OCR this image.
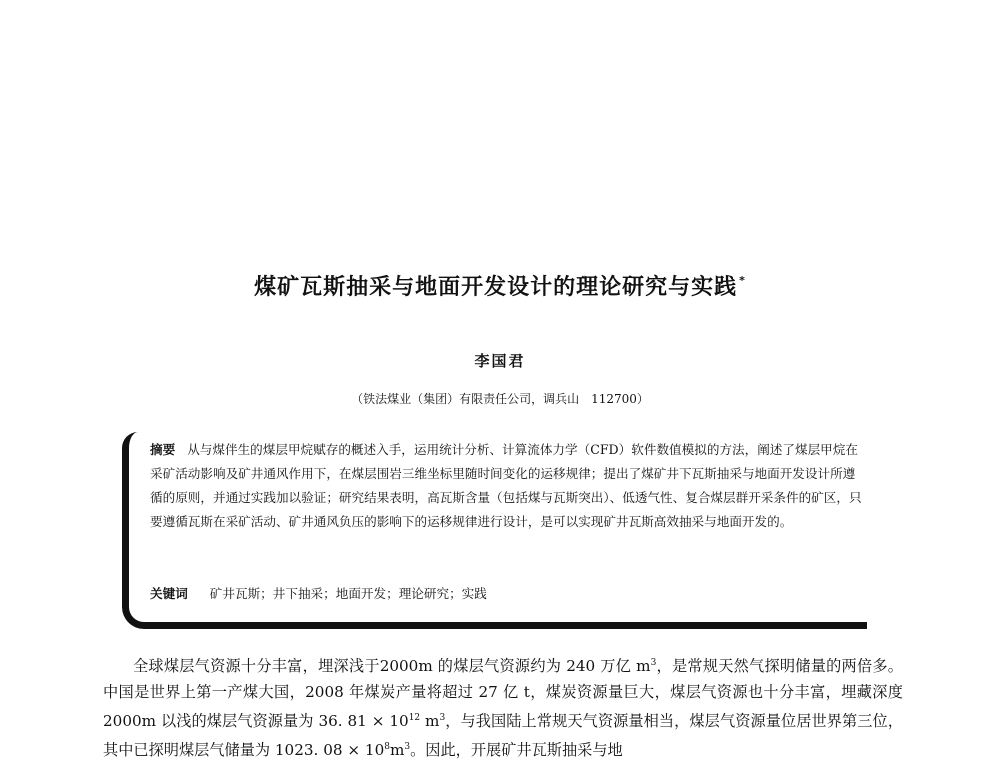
煤矿瓦斯抽采与地面开发设计的理论研究与实践 *
李国君
（铁法煤业（集团）有限责任公司，调兵山　112700）
摘要 从与煤伴生的煤层甲烷赋存的概述入手，运用统计分析、计算流体力学（CFD）软件数值模拟的方法，阐述了煤层甲烷在采矿活动影响及矿井通风作用下，在煤层围岩三维坐标里随时间变化的运移规律；提出了煤矿井下瓦斯抽采与地面开发设计所遵循的原则，并通过实践加以验证；研究结果表明，高瓦斯含量（包括煤与瓦斯突出）、低透气性、复合煤层群开采条件的矿区，只要遵循瓦斯在采矿活动、矿井通风负压的影响下的运移规律进行设计，是可以实现矿井瓦斯高效抽采与地面开发的。
关键词 矿井瓦斯；井下抽采；地面开发；理论研究；实践
全球煤层气资源十分丰富，埋深浅于2000m 的煤层气资源约为 240 万亿 $m^3$，是常规天然气探明储量的两倍多。中国是世界上第一产煤大国，2008 年煤炭产量将超过 27 亿 t，煤炭资源量巨大，煤层气资源也十分丰富，埋藏深度 2000m 以浅的煤层气资源量为 36. $81 \times 10^{12}$ $m^3$，与我国陆上常规天气资源量相当，煤层气资源量位居世界第三位，其中已探明煤层气储量为 1023. $08 \times 10^8m^3$。因此，开展矿井瓦斯抽采与地
